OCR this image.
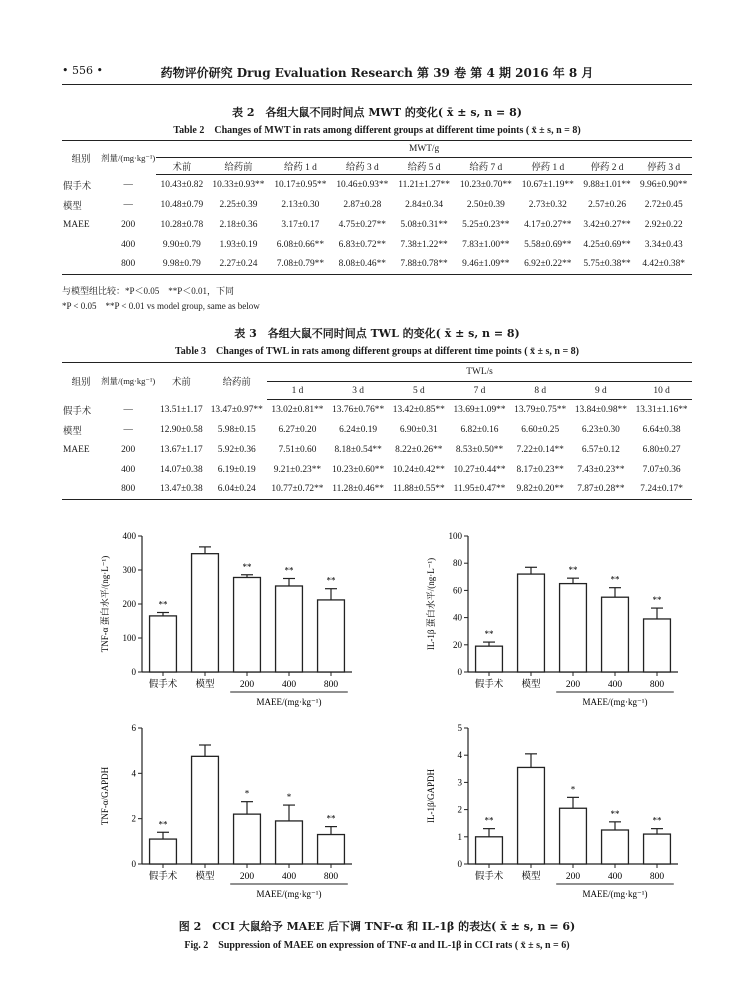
• 556 •	药物评价研究 Drug Evaluation Research 第 39 卷 第 4 期 2016 年 8 月
表 2　各组大鼠不同时间点 MWT 的变化( x̄ ± s, n = 8)
Table 2　Changes of MWT in rats among different groups at different time points ( x̄ ± s, n = 8)
组别	剂量/(mg·kg⁻¹)	MWT/g								
		术前	给药前	给药 1 d	给药 3 d	给药 5 d	给药 7 d	停药 1 d	停药 2 d	停药 3 d
假手术	—	10.43±0.82	10.33±0.93**	10.17±0.95**	10.46±0.93**	11.21±1.27**	10.23±0.70**	10.67±1.19**	9.88±1.01**	9.96±0.90**
模型	—	10.48±0.79	2.25±0.39	2.13±0.30	2.87±0.28	2.84±0.34	2.50±0.39	2.73±0.32	2.57±0.26	2.72±0.45
MAEE	200	10.28±0.78	2.18±0.36	3.17±0.17	4.75±0.27**	5.08±0.31**	5.25±0.23**	4.17±0.27**	3.42±0.27**	2.92±0.22
	400	9.90±0.79	1.93±0.19	6.08±0.66**	6.83±0.72**	7.38±1.22**	7.83±1.00**	5.58±0.69**	4.25±0.69**	3.34±0.43
	800	9.98±0.79	2.27±0.24	7.08±0.79**	8.08±0.46**	7.88±0.78**	9.46±1.09**	6.92±0.22**	5.75±0.38**	4.42±0.38*
与模型组比较：*P＜0.05　**P＜0.01，下同
*P < 0.05　**P < 0.01 vs model group, same as below
表 3　各组大鼠不同时间点 TWL 的变化( x̄ ± s, n = 8)
Table 3　Changes of TWL in rats among different groups at different time points ( x̄ ± s, n = 8)
组别	剂量/(mg·kg⁻¹)	术前	给药前	TWL/s						
				1 d	3 d	5 d	7 d	8 d	9 d	10 d
假手术	—	13.51±1.17	13.47±0.97**	13.02±0.81**	13.76±0.76**	13.42±0.85**	13.69±1.09**	13.79±0.75**	13.84±0.98**	13.31±1.16**
模型	—	12.90±0.58	5.98±0.15	6.27±0.20	6.24±0.19	6.90±0.31	6.82±0.16	6.60±0.25	6.23±0.30	6.64±0.38
MAEE	200	13.67±1.17	5.92±0.36	7.51±0.60	8.18±0.54**	8.22±0.26**	8.53±0.50**	7.22±0.14**	6.57±0.12	6.80±0.27
	400	14.07±0.38	6.19±0.19	9.21±0.23**	10.23±0.60**	10.24±0.42**	10.27±0.44**	8.17±0.23**	7.43±0.23**	7.07±0.36
	800	13.47±0.38	6.04±0.24	10.77±0.72**	11.28±0.46**	11.88±0.55**	11.95±0.47**	9.82±0.20**	7.87±0.28**	7.24±0.17*
0
100
200
300
400
**
假手术 模型
**
200
**
400
**
800
MAEE/(mg·kg⁻¹)
TNF-α 蛋白水平/(ng·L⁻¹)
0
20
40
60
80
100
**
假手术 模型
**
200
**
400
**
800
MAEE/(mg·kg⁻¹)
IL-1β 蛋白水平/(ng·L⁻¹)
0
2
4
6
**
假手术 模型
*
200
*
400
**
800
MAEE/(mg·kg⁻¹)
TNF-α/GAPDH
0
1
2
3
4
5
**
假手术 模型
*
200
**
400
**
800
MAEE/(mg·kg⁻¹)
IL-1β/GAPDH
图 2　CCI 大鼠给予 MAEE 后下调 TNF-α 和 IL-1β 的表达( x̄ ± s, n = 6)
Fig. 2　Suppression of MAEE on expression of TNF-α and IL-1β in CCI rats ( x̄ ± s, n = 6)
